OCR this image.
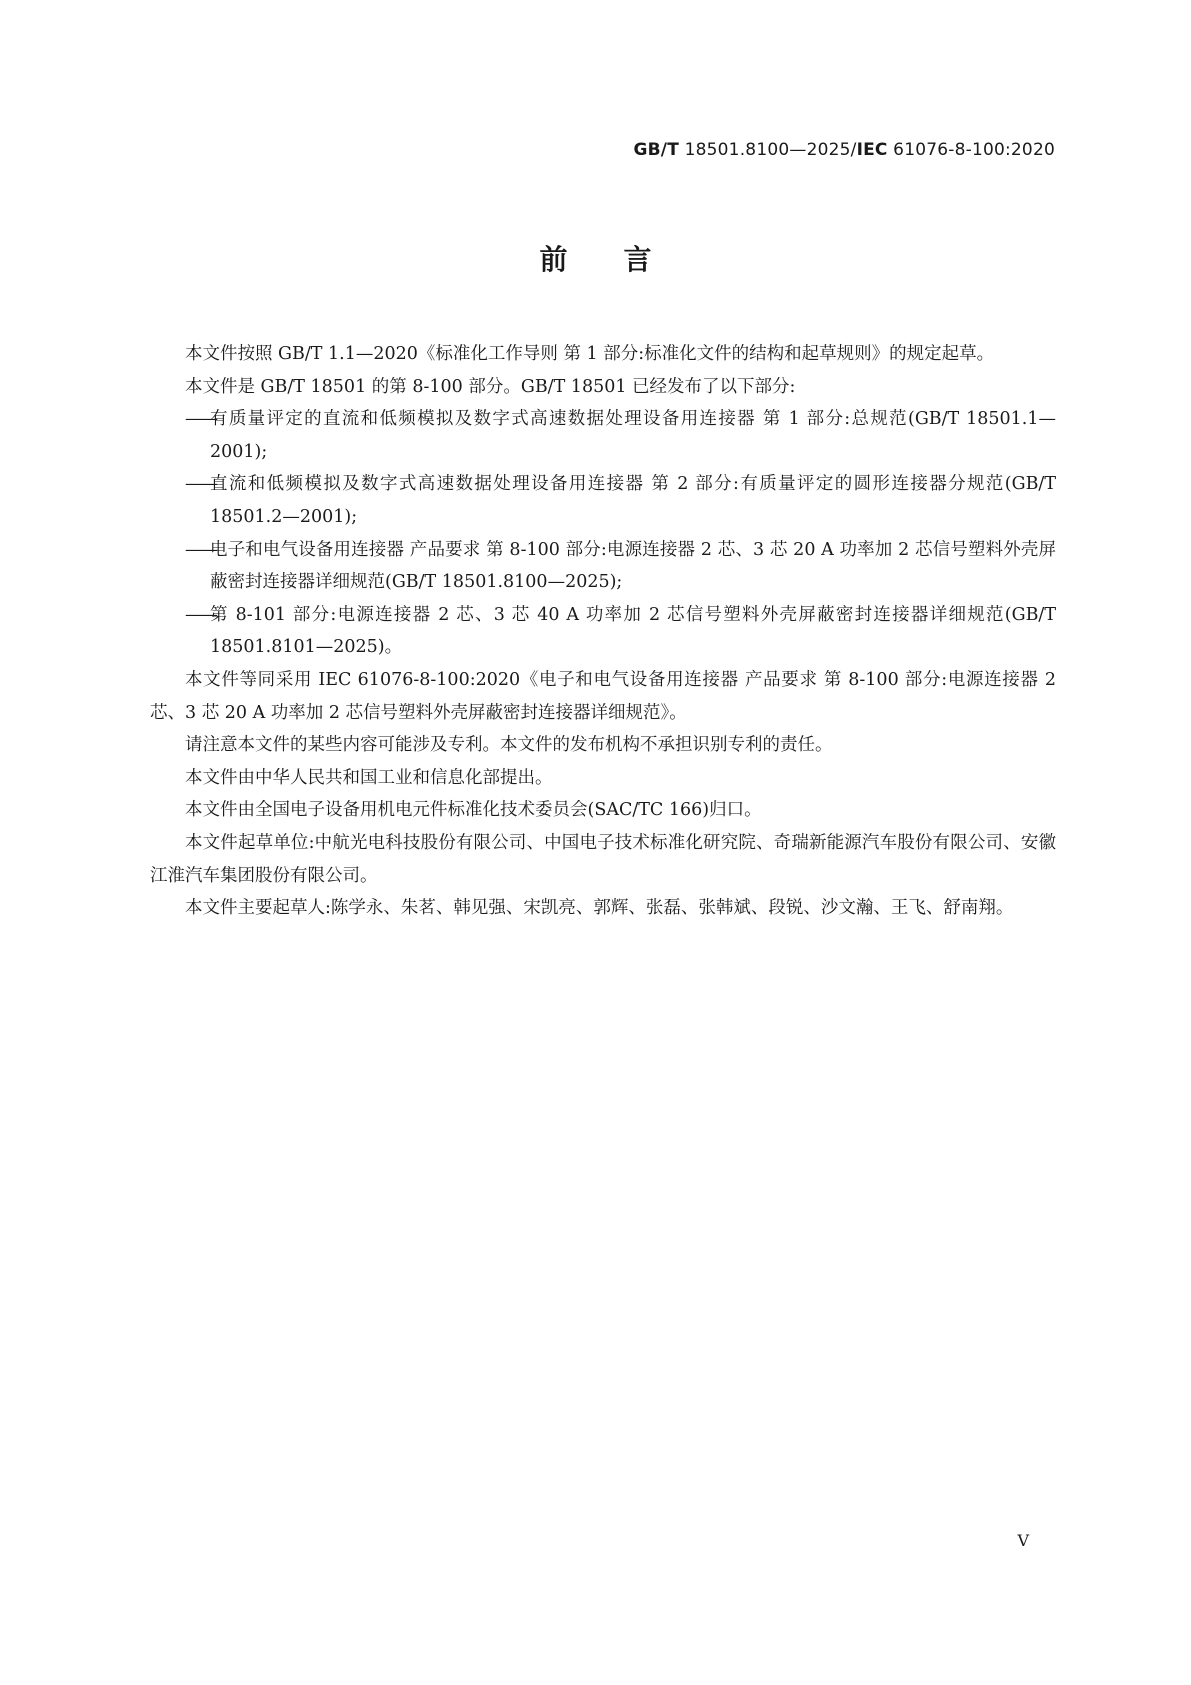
GB/T 18501.8100—2025/IEC 61076-8-100:2020
前言

本文件按照 GB/T 1.1—2020《标准化工作导则 第 1 部分:标准化文件的结构和起草规则》的规定起草。

本文件是 GB/T 18501 的第 8-100 部分。GB/T 18501 已经发布了以下部分:

——
有质量评定的直流和低频模拟及数字式高速数据处理设备用连接器 第 1 部分:总规范(GB/T 18501.1—2001);

——
直流和低频模拟及数字式高速数据处理设备用连接器 第 2 部分:有质量评定的圆形连接器分规范(GB/T 18501.2—2001);

——
电子和电气设备用连接器 产品要求 第 8-100 部分:电源连接器 2 芯、3 芯 20 A 功率加 2 芯信号塑料外壳屏蔽密封连接器详细规范(GB/T 18501.8100—2025);

——
第 8-101 部分:电源连接器 2 芯、3 芯 40 A 功率加 2 芯信号塑料外壳屏蔽密封连接器详细规范(GB/T 18501.8101—2025)。

本文件等同采用 IEC 61076-8-100:2020《电子和电气设备用连接器 产品要求 第 8-100 部分:电源连接器 2 芯、3 芯 20 A 功率加 2 芯信号塑料外壳屏蔽密封连接器详细规范》。

请注意本文件的某些内容可能涉及专利。本文件的发布机构不承担识别专利的责任。

本文件由中华人民共和国工业和信息化部提出。

本文件由全国电子设备用机电元件标准化技术委员会(SAC/TC 166)归口。

本文件起草单位:中航光电科技股份有限公司、中国电子技术标准化研究院、奇瑞新能源汽车股份有限公司、安徽江淮汽车集团股份有限公司。

本文件主要起草人:陈学永、朱茗、韩见强、宋凯亮、郭辉、张磊、张韩斌、段锐、沙文瀚、王飞、舒南翔。

V
